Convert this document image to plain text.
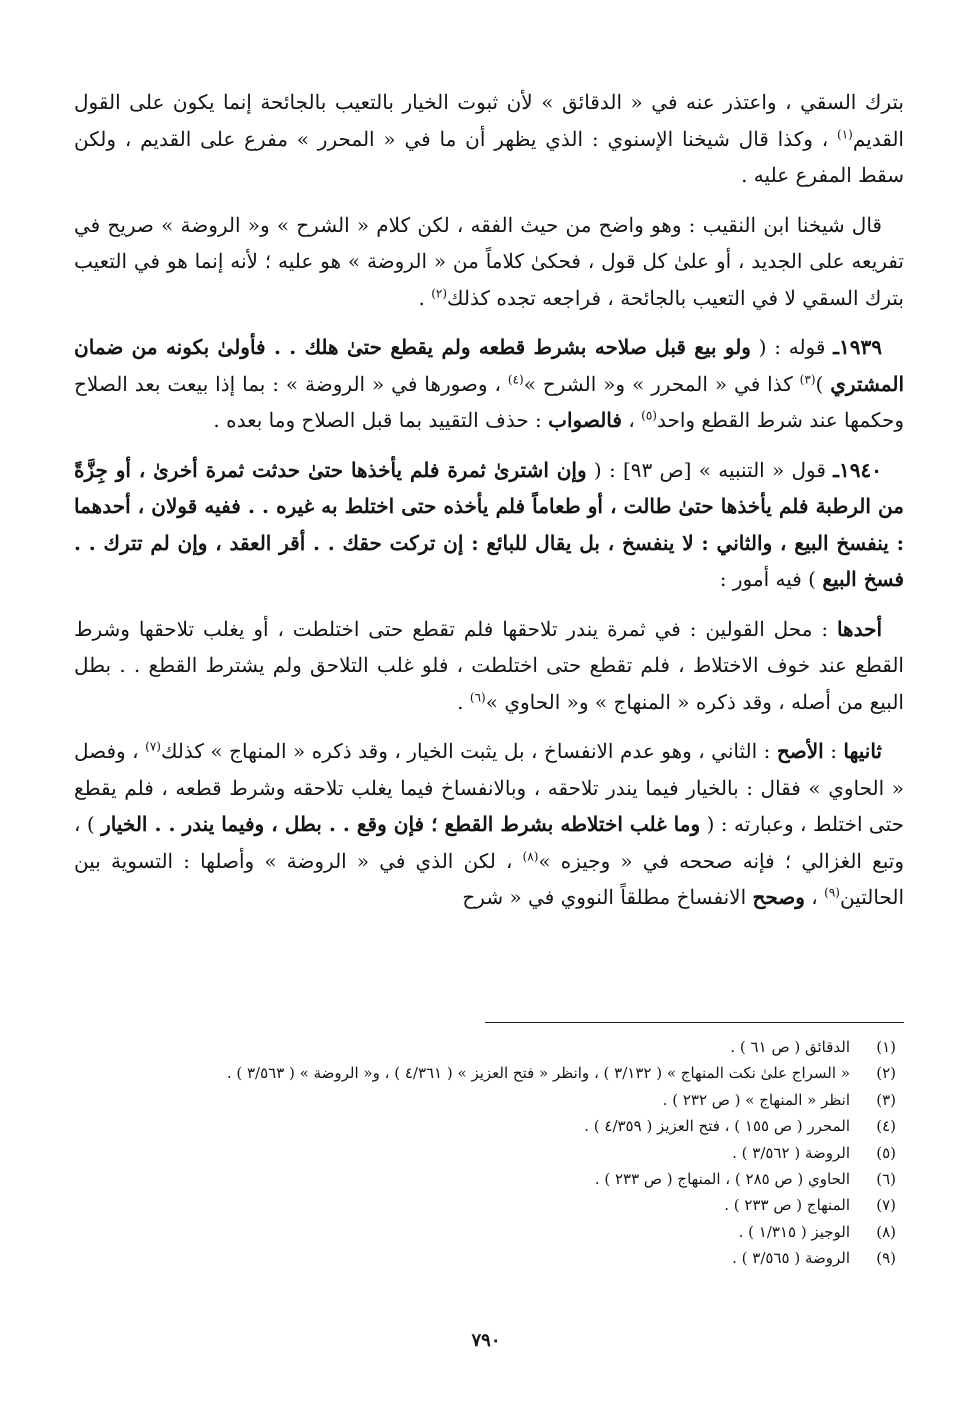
بترك السقي ، واعتذر عنه في « الدقائق » لأن ثبوت الخيار بالتعيب بالجائحة إنما يكون على القول القديم$^{(١)}$ ، وكذا قال شيخنا الإسنوي : الذي يظهر أن ما في « المحرر » مفرع على القديم ، ولكن سقط المفرع عليه .

قال شيخنا ابن النقيب : وهو واضح من حيث الفقه ، لكن كلام « الشرح » و« الروضة » صريح في تفريعه على الجديد ، أو علىٰ كل قول ، فحكىٰ كلاماً من « الروضة » هو عليه ؛ لأنه إنما هو في التعيب بترك السقي لا في التعيب بالجائحة ، فراجعه تجده كذلك$^{(٢)}$ .

١٩٣٩ـ قوله : ( ولو بيع قبل صلاحه بشرط قطعه ولم يقطع حتىٰ هلك . . فأولىٰ بكونه من ضمان المشتري )$^{(٣)}$ كذا في « المحرر » و« الشرح »$^{(٤)}$ ، وصورها في « الروضة » : بما إذا بيعت بعد الصلاح وحكمها عند شرط القطع واحد$^{(٥)}$ ، فالصواب : حذف التقييد بما قبل الصلاح وما بعده .

١٩٤٠ـ قول « التنبيه » [ص ٩٣] : ( وإن اشترىٰ ثمرة فلم يأخذها حتىٰ حدثت ثمرة أخرىٰ ، أو جِزَّةً من الرطبة فلم يأخذها حتىٰ طالت ، أو طعاماً فلم يأخذه حتى اختلط به غيره . . ففيه قولان ، أحدهما : ينفسخ البيع ، والثاني : لا ينفسخ ، بل يقال للبائع : إن تركت حقك . . أقر العقد ، وإن لم تترك . . فسخ البيع ) فيه أمور :

أحدها : محل القولين : في ثمرة يندر تلاحقها فلم تقطع حتى اختلطت ، أو يغلب تلاحقها وشرط القطع عند خوف الاختلاط ، فلم تقطع حتى اختلطت ، فلو غلب التلاحق ولم يشترط القطع . . بطل البيع من أصله ، وقد ذكره « المنهاج » و« الحاوي »$^{(٦)}$ .

ثانيها : الأصح : الثاني ، وهو عدم الانفساخ ، بل يثبت الخيار ، وقد ذكره « المنهاج » كذلك$^{(٧)}$ ، وفصل « الحاوي » فقال : بالخيار فيما يندر تلاحقه ، وبالانفساخ فيما يغلب تلاحقه وشرط قطعه ، فلم يقطع حتى اختلط ، وعبارته : ( وما غلب اختلاطه بشرط القطع ؛ فإن وقع . . بطل ، وفيما يندر . . الخيار ) ، وتبع الغزالي ؛ فإنه صححه في « وجيزه »$^{(٨)}$ ، لكن الذي في « الروضة » وأصلها : التسوية بين الحالتين$^{(٩)}$ ، وصحح الانفساخ مطلقاً النووي في « شرح

(١)الدقائق ( ص ٦١ ) .
(٢)« السراج علىٰ نكت المنهاج » ( ٣/١٣٢ ) ، وانظر « فتح العزيز » ( ٤/٣٦١ ) ، و« الروضة » ( ٣/٥٦٣ ) .
(٣)انظر « المنهاج » ( ص ٢٣٢ ) .
(٤)المحرر ( ص ١٥٥ ) ، فتح العزيز ( ٤/٣٥٩ ) .
(٥)الروضة ( ٣/٥٦٢ ) .
(٦)الحاوي ( ص ٢٨٥ ) ، المنهاج ( ص ٢٣٣ ) .
(٧)المنهاج ( ص ٢٣٣ ) .
(٨)الوجيز ( ١/٣١٥ ) .
(٩)الروضة ( ٣/٥٦٥ ) .
٧٩٠
